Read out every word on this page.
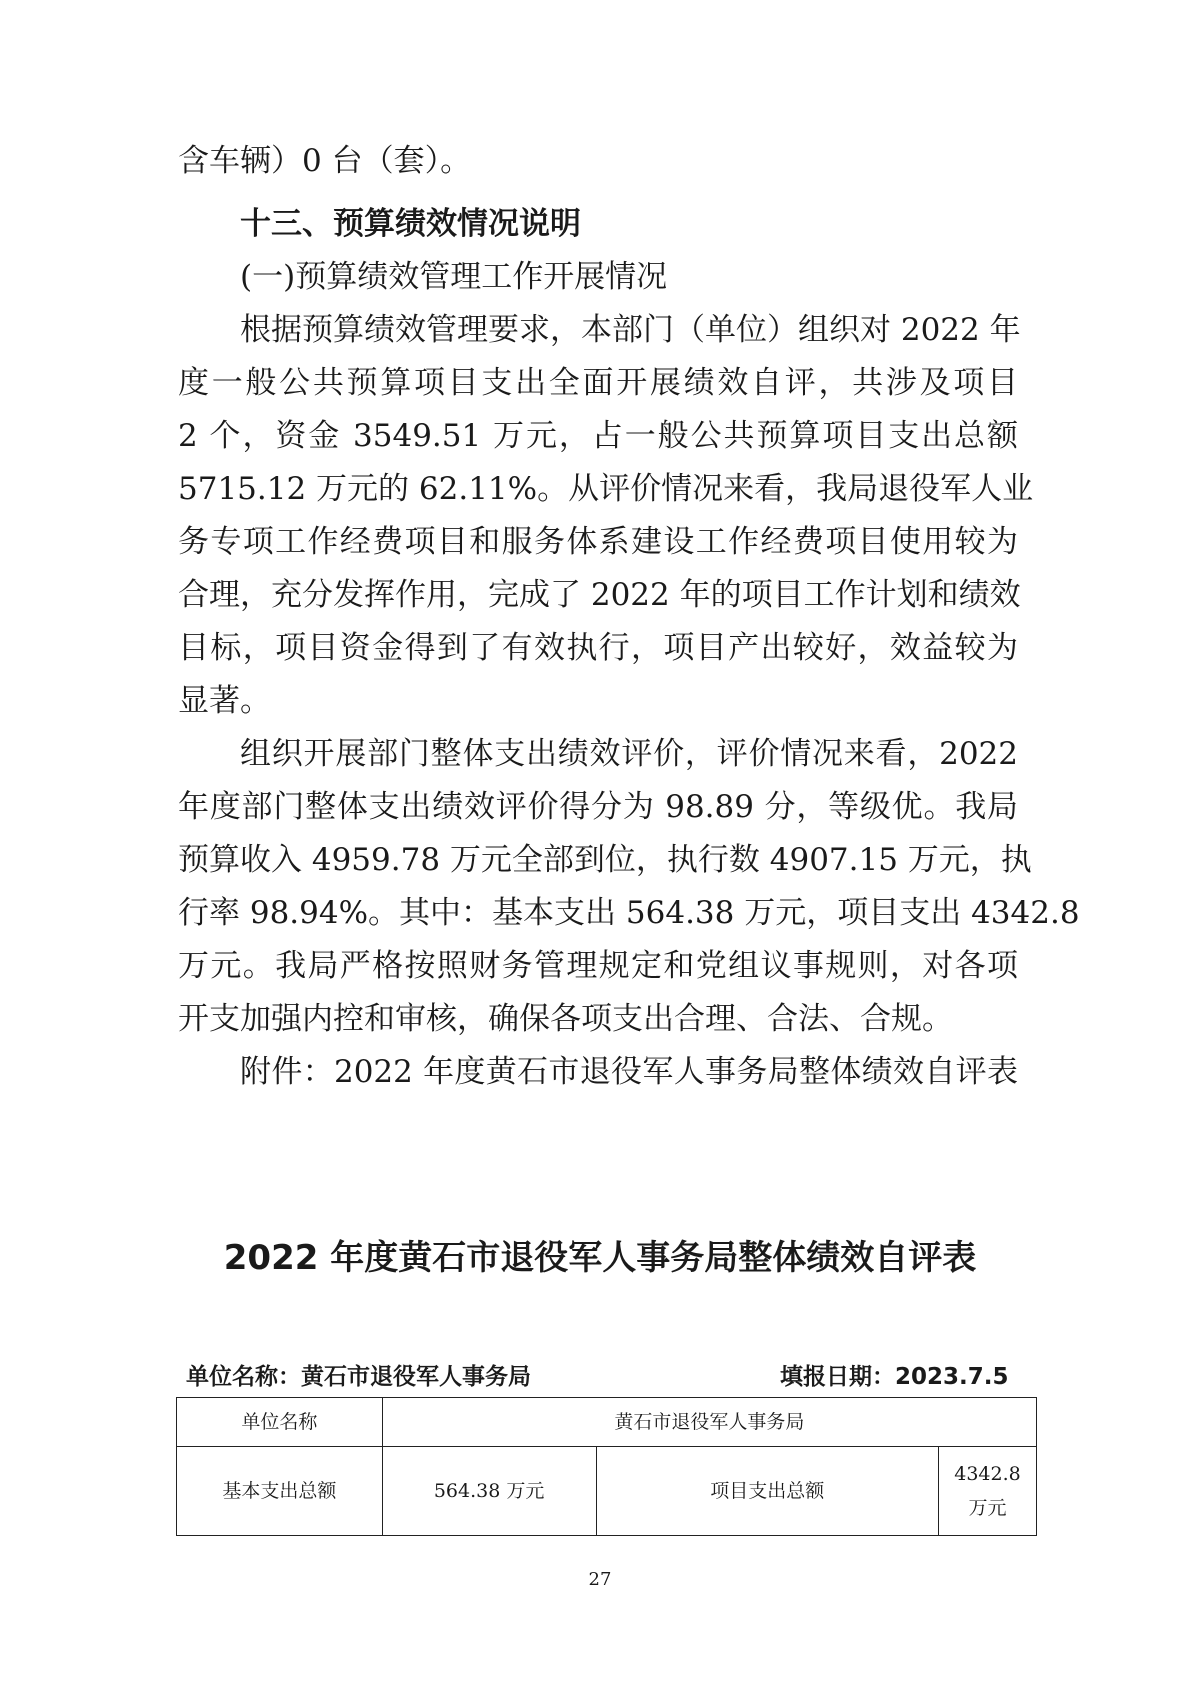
含车辆）0 台（套）。
十三、预算绩效情况说明
(一)预算绩效管理工作开展情况
根据预算绩效管理要求，本部门（单位）组织对 2022 年
度一般公共预算项目支出全面开展绩效自评，共涉及项目
2 个，资金 3549.51 万元，占一般公共预算项目支出总额
5715.12 万元的 62.11%。从评价情况来看，我局退役军人业
务专项工作经费项目和服务体系建设工作经费项目使用较为
合理，充分发挥作用，完成了 2022 年的项目工作计划和绩效
目标，项目资金得到了有效执行，项目产出较好，效益较为
显著。
组织开展部门整体支出绩效评价，评价情况来看，2022
年度部门整体支出绩效评价得分为 98.89 分，等级优。我局
预算收入 4959.78 万元全部到位，执行数 4907.15 万元，执
行率 98.94%。其中：基本支出 564.38 万元，项目支出 4342.8
万元。我局严格按照财务管理规定和党组议事规则，对各项
开支加强内控和审核，确保各项支出合理、合法、合规。
附件：2022 年度黄石市退役军人事务局整体绩效自评表
2022 年度黄石市退役军人事务局整体绩效自评表
单位名称：黄石市退役军人事务局	填报日期：2023.7.5
单位名称	黄石市退役军人事务局		
基本支出总额	564.38 万元	项目支出总额	4342.8
万元
27
